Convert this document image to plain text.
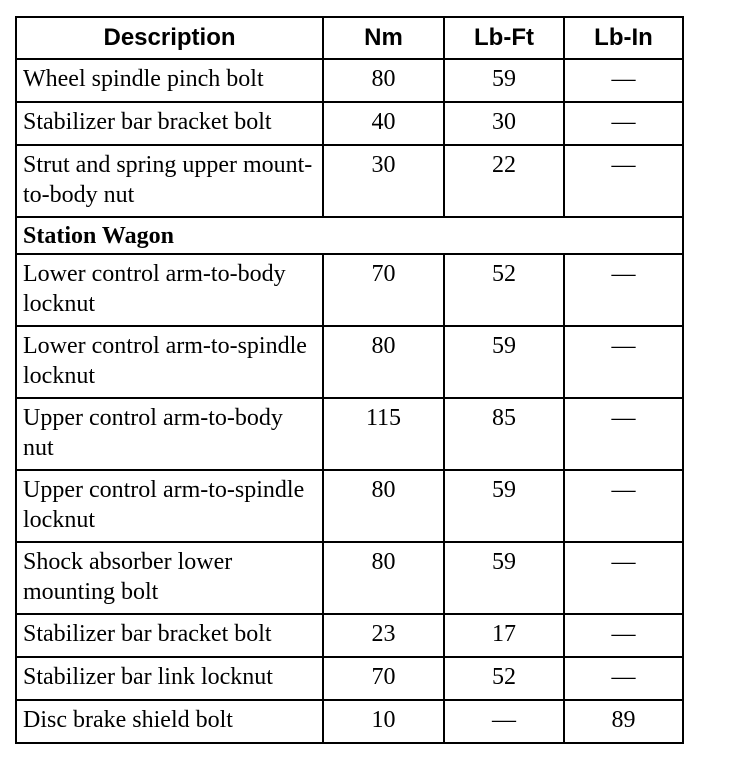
Description	Nm	Lb-Ft	Lb-In
Wheel spindle pinch bolt	80	59	—
Stabilizer bar bracket bolt	40	30	—
Strut and spring upper mount-to-body nut	30	22	—
Station Wagon			
Lower control arm-to-body locknut	70	52	—
Lower control arm-to-spindle locknut	80	59	—
Upper control arm-to-body nut	115	85	—
Upper control arm-to-spindle locknut	80	59	—
Shock absorber lower mounting bolt	80	59	—
Stabilizer bar bracket bolt	23	17	—
Stabilizer bar link locknut	70	52	—
Disc brake shield bolt	10	—	89
